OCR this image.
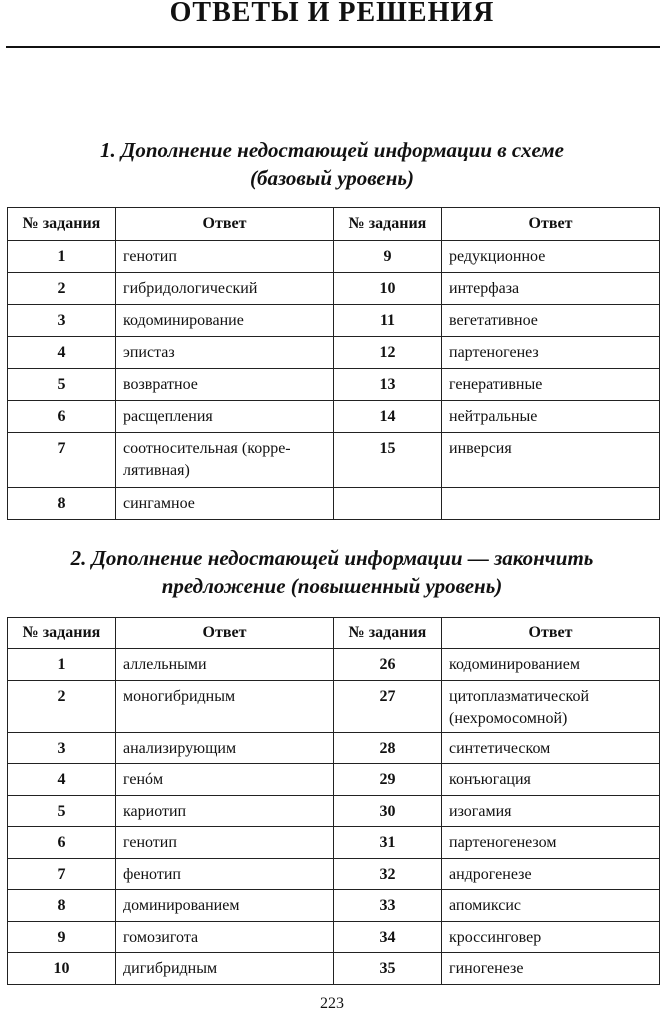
ОТВЕТЫ И РЕШЕНИЯ
1. Дополнение недостающей информации в схеме
(базовый уровень)
№ задания	Ответ	№ задания	Ответ
1	генотип	9	редукционное
2	гибридологический	10	интерфаза
3	кодоминирование	11	вегетативное
4	эпистаз	12	партеногенез
5	возвратное	13	генеративные
6	расщепления	14	нейтральные
7	соотносительная (корре-
лятивная)	15	инверсия
8	сингамное		
2. Дополнение недостающей информации — закончить
предложение (повышенный уровень)
№ задания	Ответ	№ задания	Ответ
1	аллельными	26	кодоминированием
2	моногибридным	27	цитоплазматической
(нехромосомной)

3	анализирующим	28	синтетическом
4	генóм	29	конъюгация
5	кариотип	30	изогамия
6	генотип	31	партеногенезом
7	фенотип	32	андрогенезе
8	доминированием	33	апомиксис
9	гомозигота	34	кроссинговер
10	дигибридным	35	гиногенезе
223
